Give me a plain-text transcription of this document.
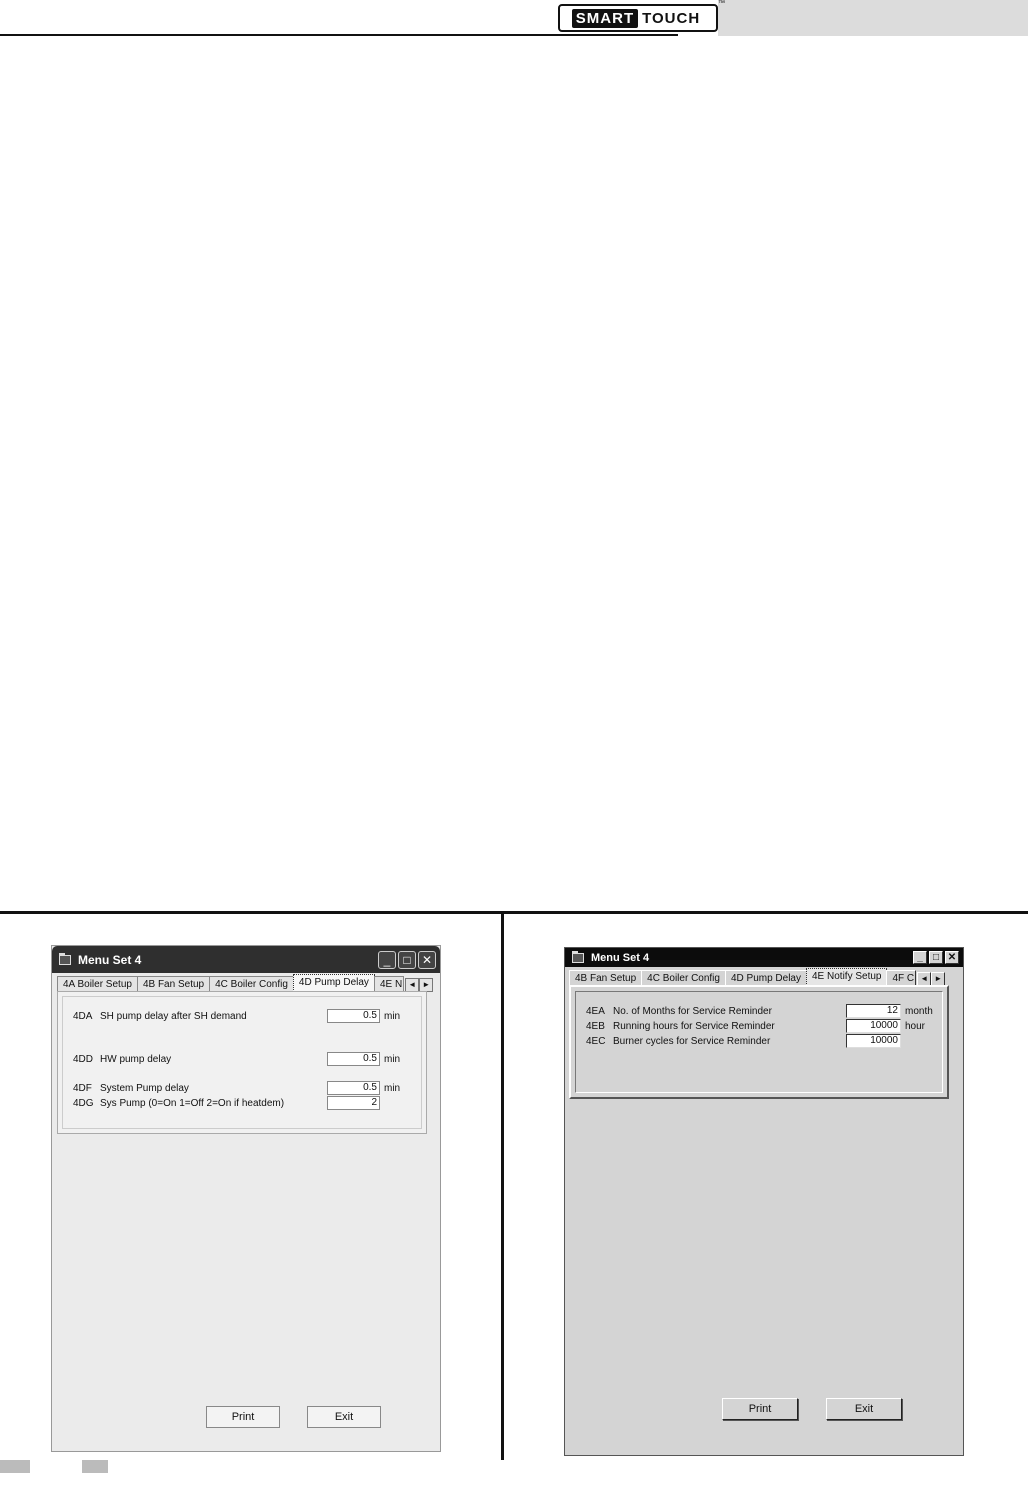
SMART TOUCH
™
Menu Set 4	_	□ ✕
4A Boiler Setup	4B Fan Setup	4C Boiler Config	4D Pump Delay	4E N ◄ ►
4DA SH pump delay after SH demand	0.5 min
4DD HW pump delay	0.5 min
4DF System Pump delay	0.5 min
4DG Sys Pump (0=On 1=Off 2=On if heatdem)	2
Print	Exit
Menu Set 4	_	□ ✕
4B Fan Setup	4C Boiler Config	4D Pump Delay	4E Notify Setup	4F C ◄ ►
4EA No. of Months for Service Reminder	12 month
4EB Running hours for Service Reminder	10000 hour
4EC Burner cycles for Service Reminder	10000
Print	Exit
